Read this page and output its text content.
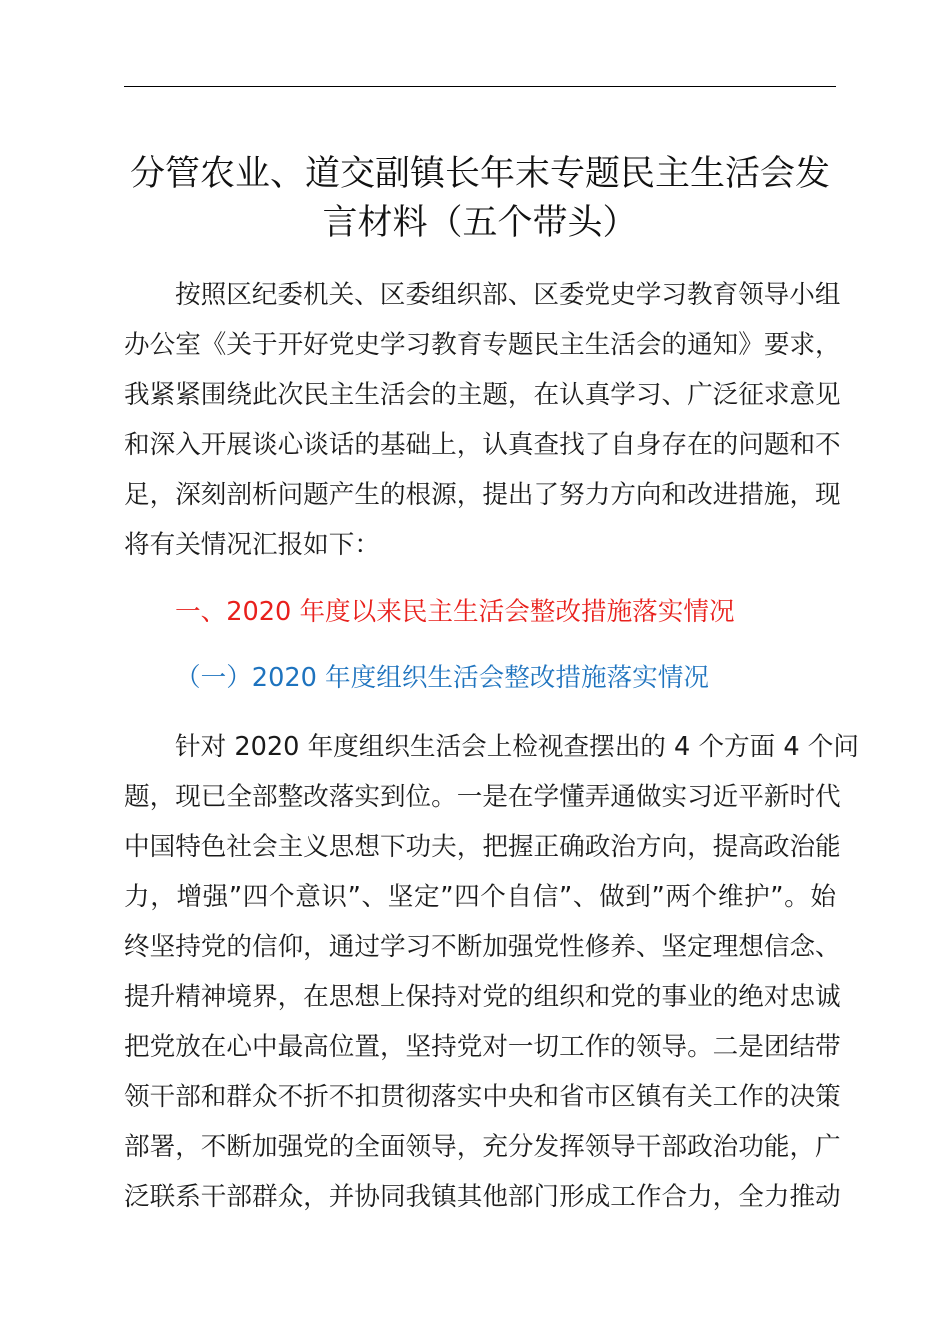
分管农业、道交副镇长年末专题民主生活会发
言材料（五个带头）

按照区纪委机关、区委组织部、区委党史学习教育领导小组
办公室《关于开好党史学习教育专题民主生活会的通知》要求，
我紧紧围绕此次民主生活会的主题，在认真学习、广泛征求意见
和深入开展谈心谈话的基础上，认真查找了自身存在的问题和不
足，深刻剖析问题产生的根源，提出了努力方向和改进措施，现
将有关情况汇报如下：

一、2020 年度以来民主生活会整改措施落实情况
（一）2020 年度组织生活会整改措施落实情况

针对 2020 年度组织生活会上检视查摆出的 4 个方面 4 个问
题，现已全部整改落实到位。一是在学懂弄通做实习近平新时代
中国特色社会主义思想下功夫，把握正确政治方向，提高政治能
力，增强”四个意识”、坚定”四个自信”、做到”两个维护”。始
终坚持党的信仰，通过学习不断加强党性修养、坚定理想信念、
提升精神境界，在思想上保持对党的组织和党的事业的绝对忠诚
把党放在心中最高位置，坚持党对一切工作的领导。二是团结带
领干部和群众不折不扣贯彻落实中央和省市区镇有关工作的决策
部署，不断加强党的全面领导，充分发挥领导干部政治功能，广
泛联系干部群众，并协同我镇其他部门形成工作合力，全力推动
